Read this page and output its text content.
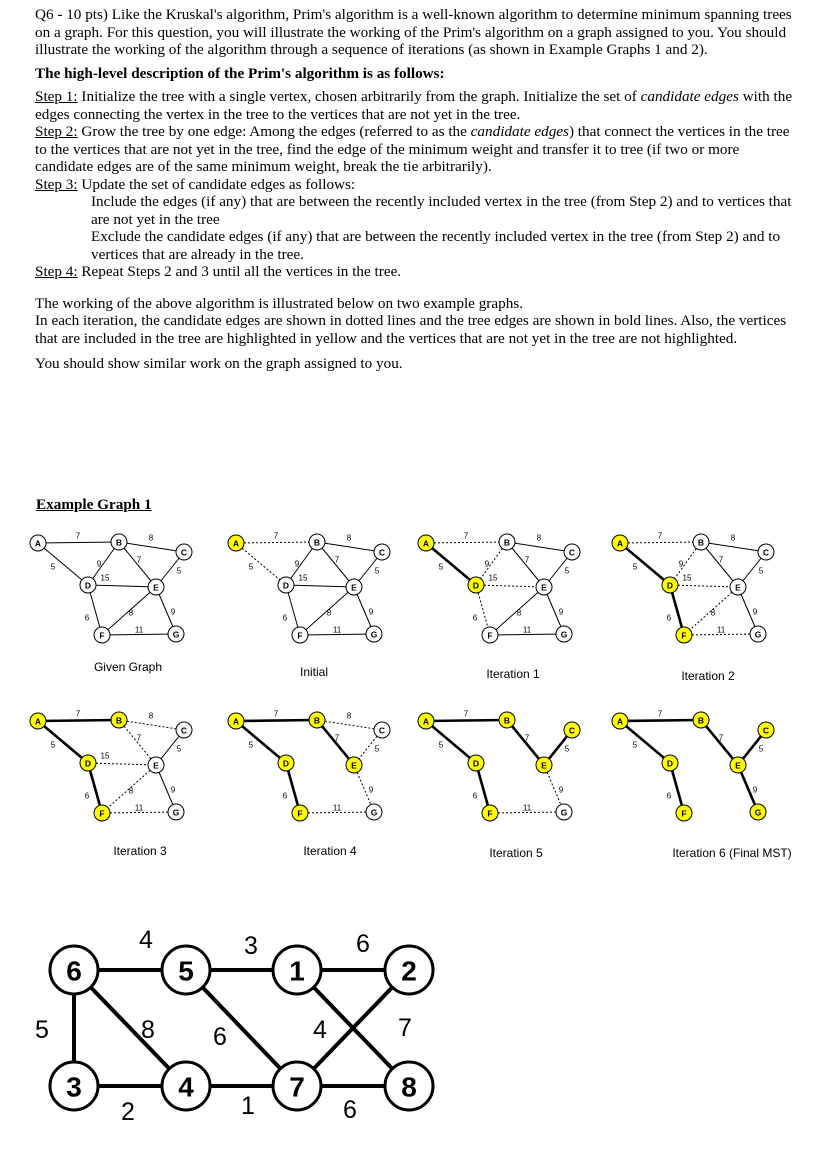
Q6 - 10 pts) Like the Kruskal's algorithm, Prim's algorithm is a well-known algorithm to determine minimum spanning trees on a graph. For this question, you will illustrate the working of the Prim's algorithm on a graph assigned to you. You should illustrate the working of the algorithm through a sequence of iterations (as shown in Example Graphs 1 and 2).

The high-level description of the Prim's algorithm is as follows:

Step 1: Initialize the tree with a single vertex, chosen arbitrarily from the graph. Initialize the set of candidate edges with the edges connecting the vertex in the tree to the vertices that are not yet in the tree.

Step 2: Grow the tree by one edge: Among the edges (referred to as the candidate edges) that connect the vertices in the tree to the vertices that are not yet in the tree, find the edge of the minimum weight and transfer it to tree (if two or more candidate edges are of the same minimum weight, break the tie arbitrarily).

Step 3: Update the set of candidate edges as follows:

Include the edges (if any) that are between the recently included vertex in the tree (from Step 2) and to vertices that are not yet in the tree

Exclude the candidate edges (if any) that are between the recently included vertex in the tree (from Step 2) and to vertices that are already in the tree.

Step 4: Repeat Steps 2 and 3 until all the vertices in the tree.

The working of the above algorithm is illustrated below on two example graphs.

In each iteration, the candidate edges are shown in dotted lines and the tree edges are shown in bold lines. Also, the vertices that are included in the tree are highlighted in yellow and the vertices that are not yet in the tree are not highlighted.

You should show similar work on the graph assigned to you.

Example Graph 1
7
5
8
9	7
5
15
6
8	9
11
A	B
C
D	E
F	G
Given Graph
7
5
8
9	7
5
15
6
8	9
11
A	B
C
D	E
F	G
Initial
7
5
8
9	7
5
15
6
8	9
11
A	B
C
D	E
F	G
Iteration 1
7
5
8
9	7
5
15
6
8	9
11
A	B
C
D	E
F	G
Iteration 2
7
5
8
7
5
15
6
8	9
11
A	B
C
D	E
F	G
Iteration 3
7
5
8
7
5
6
9
11
A	B
C
D	E
F	G
Iteration 4
7
5
7
5
6
9
11
A	B
C
D	E
F	G
Iteration 5
7
5
7
5
6
9
A	B
C
D	E
F	G
Iteration 6 (Final MST)
4	3	6
5	8 6	4	7
2	1	6
6	5	1	2
3	4	7	8
